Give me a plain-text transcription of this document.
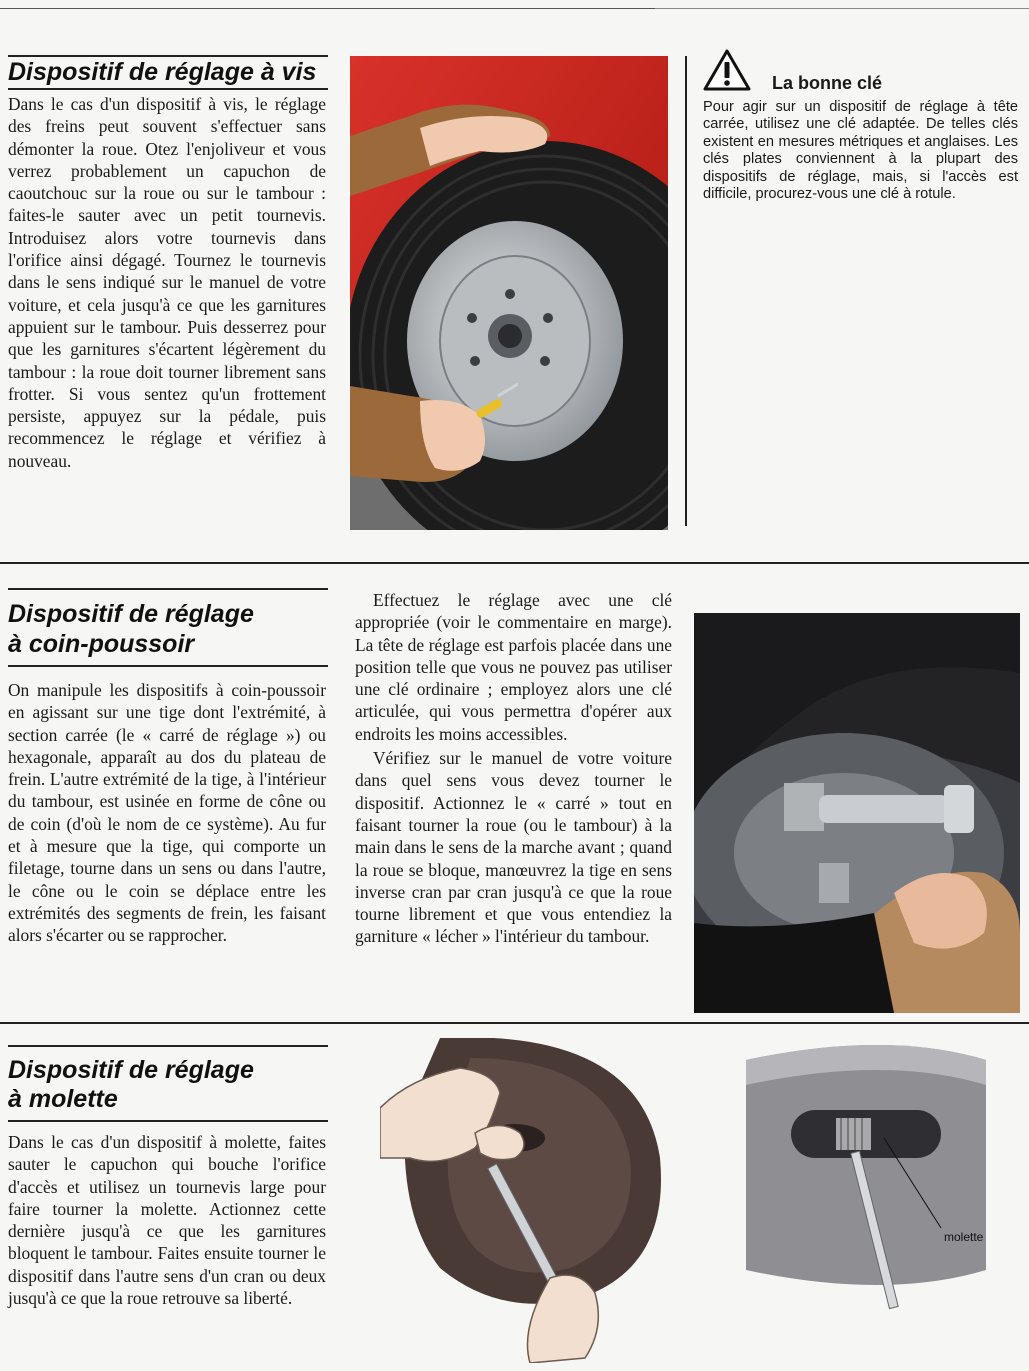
Dispositif de réglage à vis
Dans le cas d'un dispositif à vis, le réglage des freins peut souvent s'effectuer sans démonter la roue. Otez l'enjoliveur et vous verrez probablement un capuchon de caoutchouc sur la roue ou sur le tambour : faites-le sauter avec un petit tournevis. Introduisez alors votre tournevis dans l'orifice ainsi dégagé. Tournez le tournevis dans le sens indiqué sur le manuel de votre voiture, et cela jusqu'à ce que les garnitures appuient sur le tambour. Puis desserrez pour que les garnitures s'écartent légèrement du tambour : la roue doit tourner librement sans frotter. Si vous sentez qu'un frottement persiste, appuyez sur la pédale, puis recommencez le réglage et vérifiez à nouveau.
La bonne clé
Pour agir sur un dispositif de réglage à tête carrée, utilisez une clé adaptée. De telles clés existent en mesures métriques et anglaises. Les clés plates conviennent à la plupart des dispositifs de réglage, mais, si l'accès est difficile, procurez-vous une clé à rotule.
Dispositif de réglage
à coin-poussoir
On manipule les dispositifs à coin-poussoir en agissant sur une tige dont l'extrémité, à section carrée (le « carré de réglage ») ou hexagonale, apparaît au dos du plateau de frein. L'autre extrémité de la tige, à l'intérieur du tambour, est usinée en forme de cône ou de coin (d'où le nom de ce système). Au fur et à mesure que la tige, qui comporte un filetage, tourne dans un sens ou dans l'autre, le cône ou le coin se déplace entre les extrémités des segments de frein, les faisant alors s'écarter ou se rapprocher.

Effectuez le réglage avec une clé appropriée (voir le commentaire en marge). La tête de réglage est parfois placée dans une position telle que vous ne pouvez pas utiliser une clé ordinaire ; employez alors une clé articulée, qui vous permettra d'opérer aux endroits les moins accessibles.

Vérifiez sur le manuel de votre voiture dans quel sens vous devez tourner le dispositif. Actionnez le « carré » tout en faisant tourner la roue (ou le tambour) à la main dans le sens de la marche avant ; quand la roue se bloque, manœuvrez la tige en sens inverse cran par cran jusqu'à ce que la roue tourne librement et que vous entendiez la garniture « lécher » l'intérieur du tambour.

Dispositif de réglage
à molette
Dans le cas d'un dispositif à molette, faites sauter le capuchon qui bouche l'orifice d'accès et utilisez un tournevis large pour faire tourner la molette. Actionnez cette dernière jusqu'à ce que les garnitures bloquent le tambour. Faites ensuite tourner le dispositif dans l'autre sens d'un cran ou deux jusqu'à ce que la roue retrouve sa liberté.
molette
